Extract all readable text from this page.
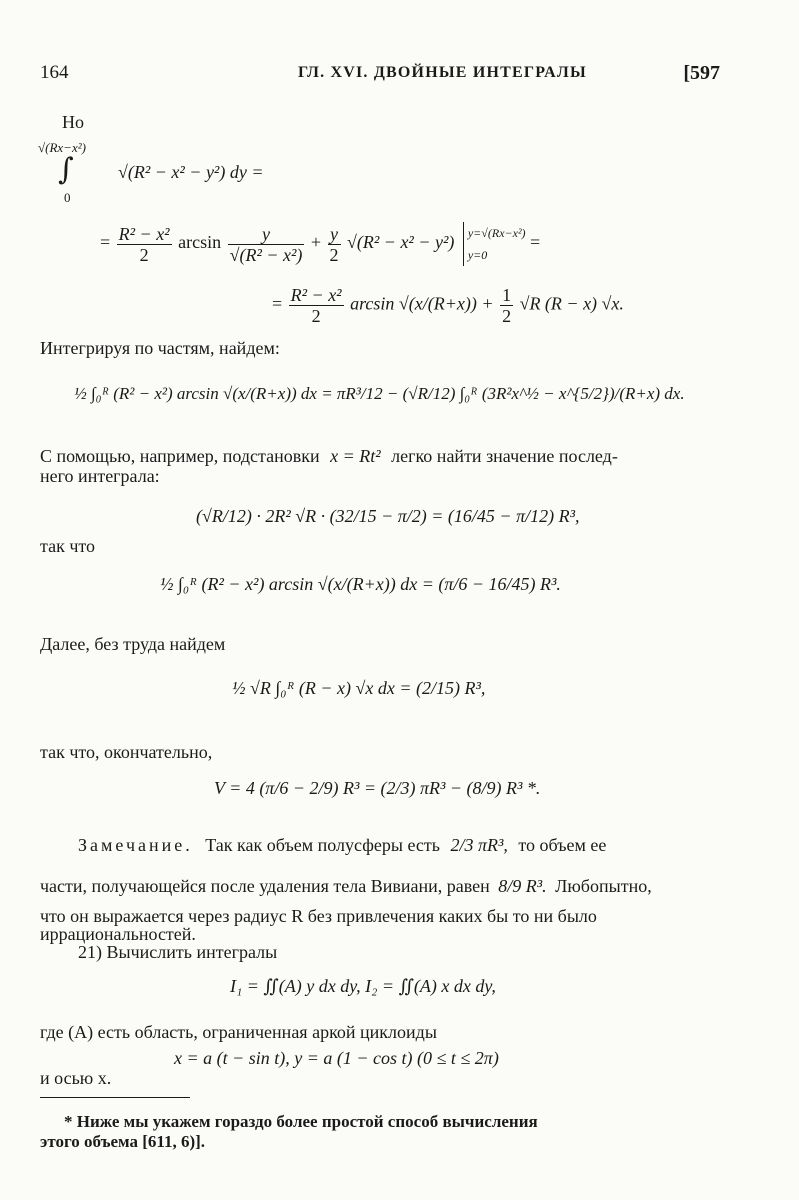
164	ГЛ. XVI. ДВОЙНЫЕ ИНТЕГРАЛЫ	[597
Но
√(Rx−x²)
∫
0
√(R² − x² − y²) dy =
= $\frac{\text{R² − x²}}{2}$ $\arcsin \frac{y}{\text{√(R² − x²)}} + \frac{y}{2} √(R^2 - x^2 - y^2)$ y=√(Rx−x²)
y=0
=
= $\frac{\text{R² − x²}}{2}$ $\arcsin √(x/(R+x)) + \frac{1}{2} √R$ (R − x) √x.
Интегрируя по частям, найдем:
½ ∫₀ᴿ (R² − x²) arcsin √(x/(R+x)) dx = πR³/12 − (√R/12) ∫₀ᴿ (3R²x^½ − x^{5/2})/(R+x) dx.
С помощью, например, подстановки x = Rt² легко найти значение послед-
него интеграла:
(√R/12) · 2R² √R · (32/15 − π/2) = (16/45 − π/12) R³,
так что
½ ∫₀ᴿ (R² − x²) arcsin √(x/(R+x)) dx = (π/6 − 16/45) R³.
Далее, без труда найдем
½ √R ∫₀ᴿ (R − x) √x dx = (2/15) R³,
так что, окончательно,
V = 4 (π/6 − 2/9) R³ = (2/3) πR³ − (8/9) R³ *.
Замечание. Так как объем полусферы есть 2/3 πR³, то объем ее
части, получающейся после удаления тела Вивиани, равен 8/9 R³. Любопытно,
что он выражается через радиус R без привлечения каких бы то ни было
иррациональностей.
21) Вычислить интегралы
I₁ = ∬(A) y dx dy, I₂ = ∬(A) x dx dy,
где (A) есть область, ограниченная аркой циклоиды
x = a (t − sin t), y = a (1 − cos t) (0 ≤ t ≤ 2π)
и осью x.
* Ниже мы укажем гораздо более простой способ вычисления
этого объема [611, 6)].
